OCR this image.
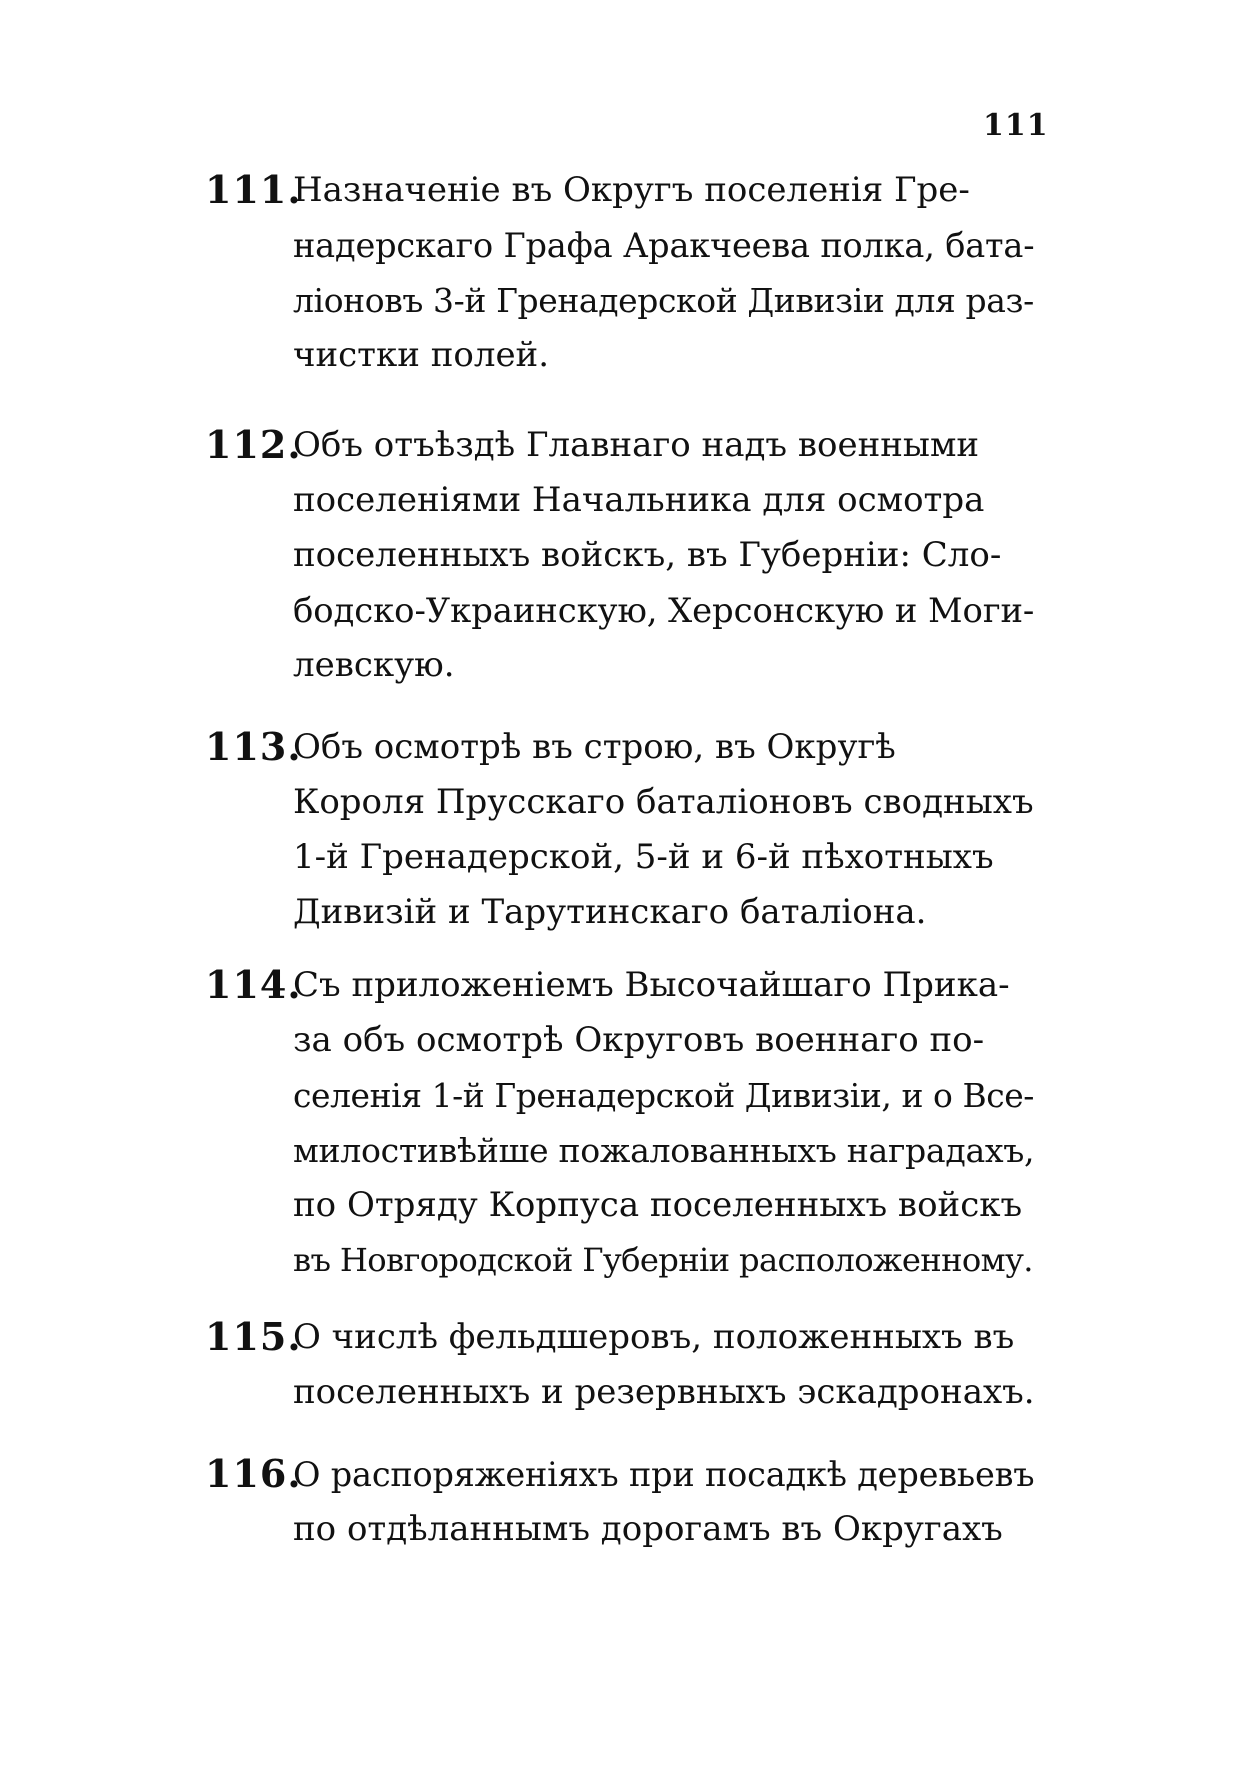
111
111.
Назначеніе въ Округъ поселенія Гре-
надерскаго Графа Аракчеева полка, бата-
ліоновъ 3-й Гренадерской Дивизіи для раз-
чистки полей.
112.
Объ отъѣздѣ Главнаго надъ военными
поселеніями Начальника для осмотра
поселенныхъ войскъ, въ Губерніи: Сло-
бодско-Украинскую, Херсонскую и Моги-
левскую.
113.
Объ осмотрѣ въ строю, въ Округѣ
Короля Прусскаго баталіоновъ сводныхъ
1-й Гренадерской, 5-й и 6-й пѣхотныхъ
Дивизій и Тарутинскаго баталіона.
114.
Съ приложеніемъ Высочайшаго Прика-
за объ осмотрѣ Округовъ военнаго по-
селенія 1-й Гренадерской Дивизіи, и о Все-
милостивѣйше пожалованныхъ наградахъ,
по Отряду Корпуса поселенныхъ войскъ
въ Новгородской Губерніи расположенному.
115.
О числѣ фельдшеровъ, положенныхъ въ
поселенныхъ и резервныхъ эскадронахъ.
116.
О распоряженіяхъ при посадкѣ деревьевъ
по отдѣланнымъ дорогамъ въ Округахъ
